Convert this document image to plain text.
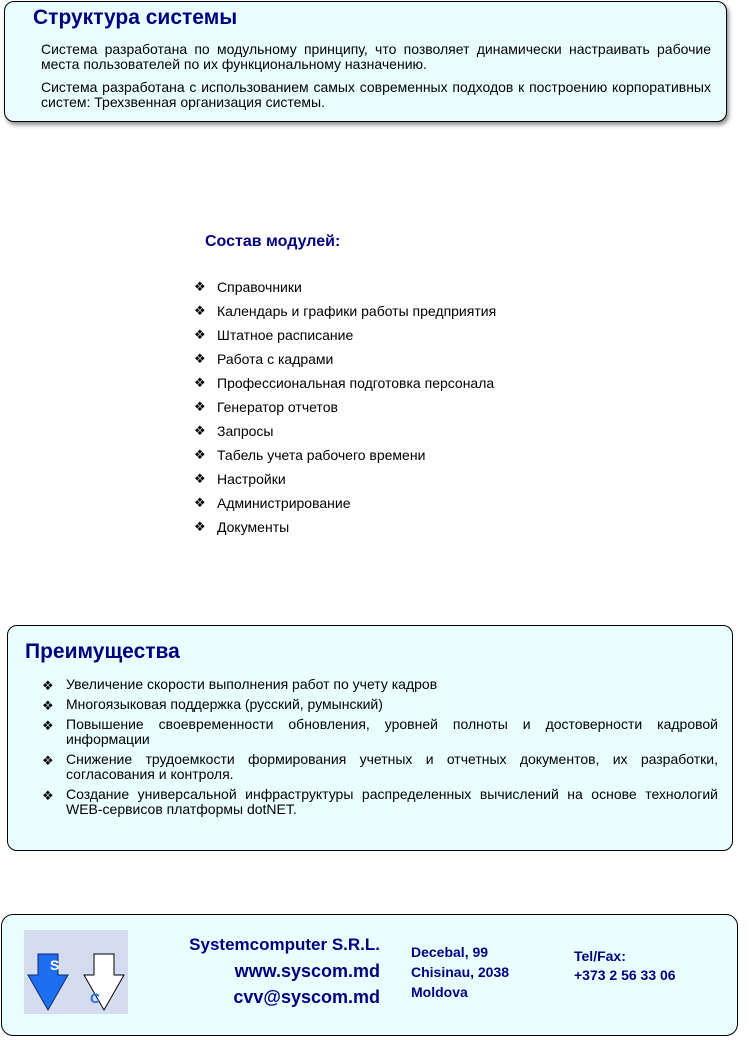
Структура системы

Система разработана по модульному принципу, что позволяет динамически настраивать рабочие места пользователей по их функциональному назначению.

Система разработана с использованием самых современных подходов к построению корпоративных систем: Трехзвенная организация системы.

Состав модулей:
❖ Справочники
❖ Календарь и графики работы предприятия
❖ Штатное расписание
❖ Работа с кадрами
❖ Профессиональная подготовка персонала
❖ Генератор отчетов
❖ Запросы
❖ Табель учета рабочего времени
❖ Настройки
❖ Администрирование
❖ Документы
Преимущества
❖ Увеличение скорости выполнения работ по учету кадров
❖ Многоязыковая поддержка (русский, румынский)
❖ Повышение своевременности обновления, уровней полноты и достоверности кадровой информации
❖ Снижение трудоемкости формирования учетных и отчетных документов, их разработки, согласования и контроля.
❖ Создание универсальной инфраструктуры распределенных вычислений на основе технологий WEB-сервисов платформы dotNET.
S
C
Systemcomputer S.R.L.
www.syscom.md
cvv@syscom.md
Decebal, 99
Chisinau, 2038
Moldova
Tel/Fax:
+373 2 56 33 06
